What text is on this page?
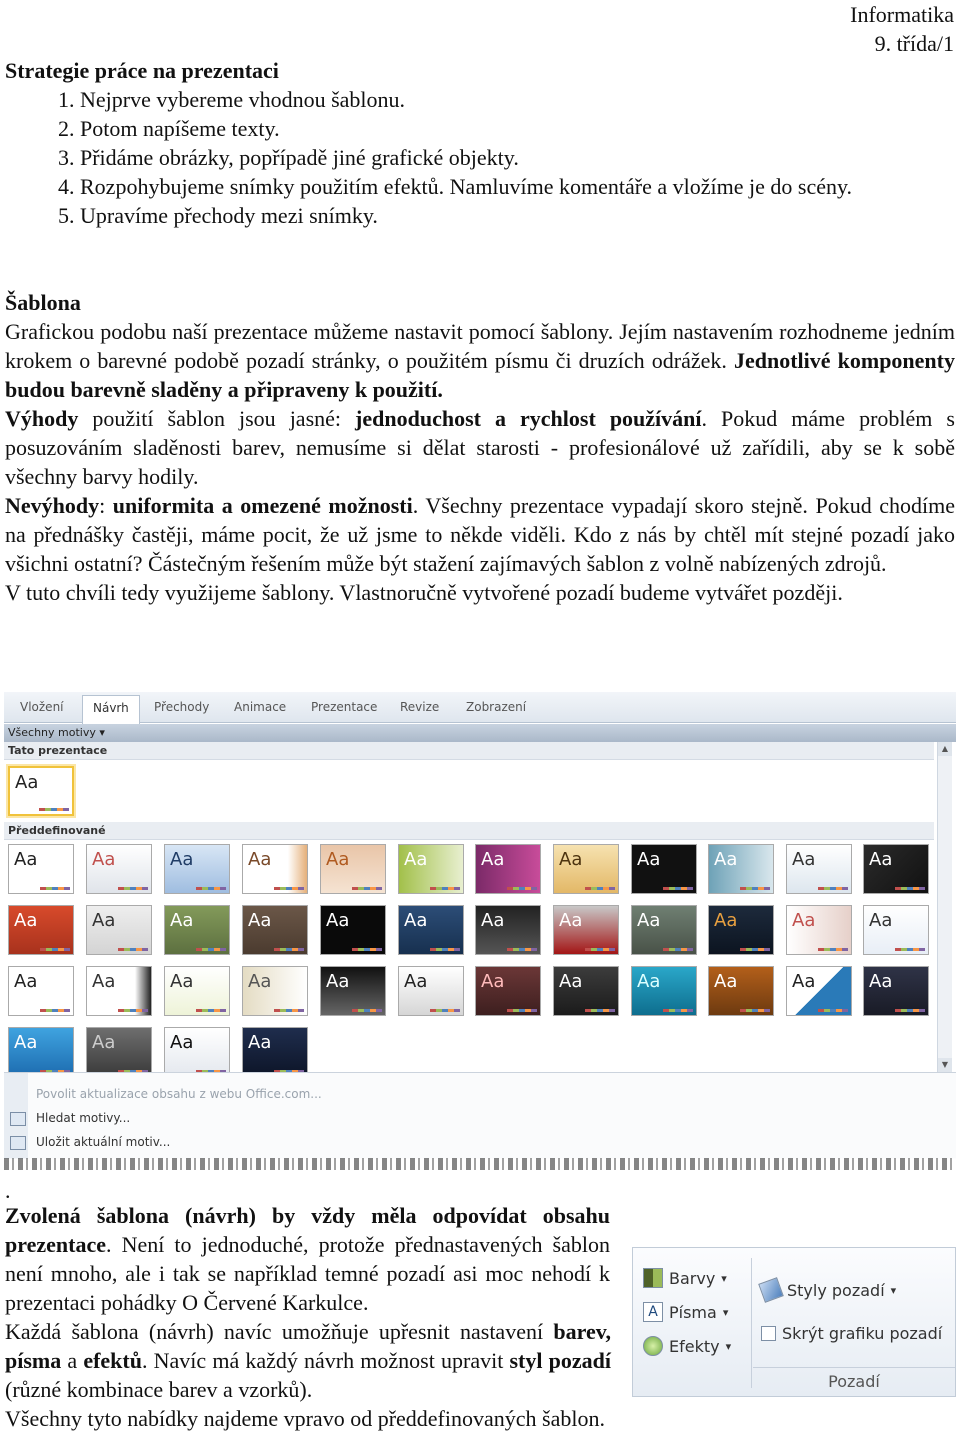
Informatika
9. třída/1
Strategie práce na prezentaci
1. Nejprve vybereme vhodnou šablonu.
2. Potom napíšeme texty.
3. Přidáme obrázky, popřípadě jiné grafické objekty.
4. Rozpohybujeme snímky použitím efektů. Namluvíme komentáře a vložíme je do scény.
5. Upravíme přechody mezi snímky.
Šablona
Grafickou podobu naší prezentace můžeme nastavit pomocí šablony. Jejím nastavením rozhodneme jedním krokem o barevné podobě pozadí stránky, o použitém písmu či druzích odrážek. Jednotlivé komponenty budou barevně sladěny a připraveny k použití.
Výhody použití šablon jsou jasné: jednoduchost a rychlost používání. Pokud máme problém s posuzováním sladěnosti barev, nemusíme si dělat starosti - profesionálové už zařídili, aby se k sobě všechny barvy hodily.
Nevýhody: uniformita a omezené možnosti. Všechny prezentace vypadají skoro stejně. Pokud chodíme na přednášky častěji, máme pocit, že už jsme to někde viděli. Kdo z nás by chtěl mít stejné pozadí jako všichni ostatní? Částečným řešením může být stažení zajímavých šablon z volně nabízených zdrojů.
V tuto chvíli tedy využijeme šablony. Vlastnoručně vytvořené pozadí budeme vytvářet později.
Vložení	Návrh	Přechody Animace Prezentace Revize Zobrazení
Všechny motivy ▾
Tato prezentace
Předdefinované
▲
▼
Aa
Aa	Aa	Aa	Aa	Aa	Aa	Aa	Aa	Aa	Aa	Aa	Aa
Aa	Aa	Aa	Aa	Aa	Aa	Aa	Aa	Aa	Aa	Aa	Aa
Aa	Aa	Aa	Aa	Aa	Aa	Aa	Aa	Aa	Aa	Aa	Aa
Aa	Aa	Aa	Aa
Povolit aktualizace obsahu z webu Office.com...
Hledat motivy...
Uložit aktuální motiv...
.
Zvolená šablona (návrh) by vždy měla odpovídat obsahu prezentace. Není to jednoduché, protože přednastavených šablon není mnoho, ale i tak se například temné pozadí asi moc nehodí k prezentaci pohádky O Červené Karkulce.
Každá šablona (návrh) navíc umožňuje upřesnit nastavení barev, písma a efektů. Navíc má každý návrh možnost upravit styl pozadí (různé kombinace barev a vzorků).
Všechny tyto nabídky najdeme vpravo od předdefinovaných šablon.
Barvy ▾
A Písma ▾
Efekty ▾
Styly pozadí ▾
Skrýt grafiku pozadí
Pozadí
